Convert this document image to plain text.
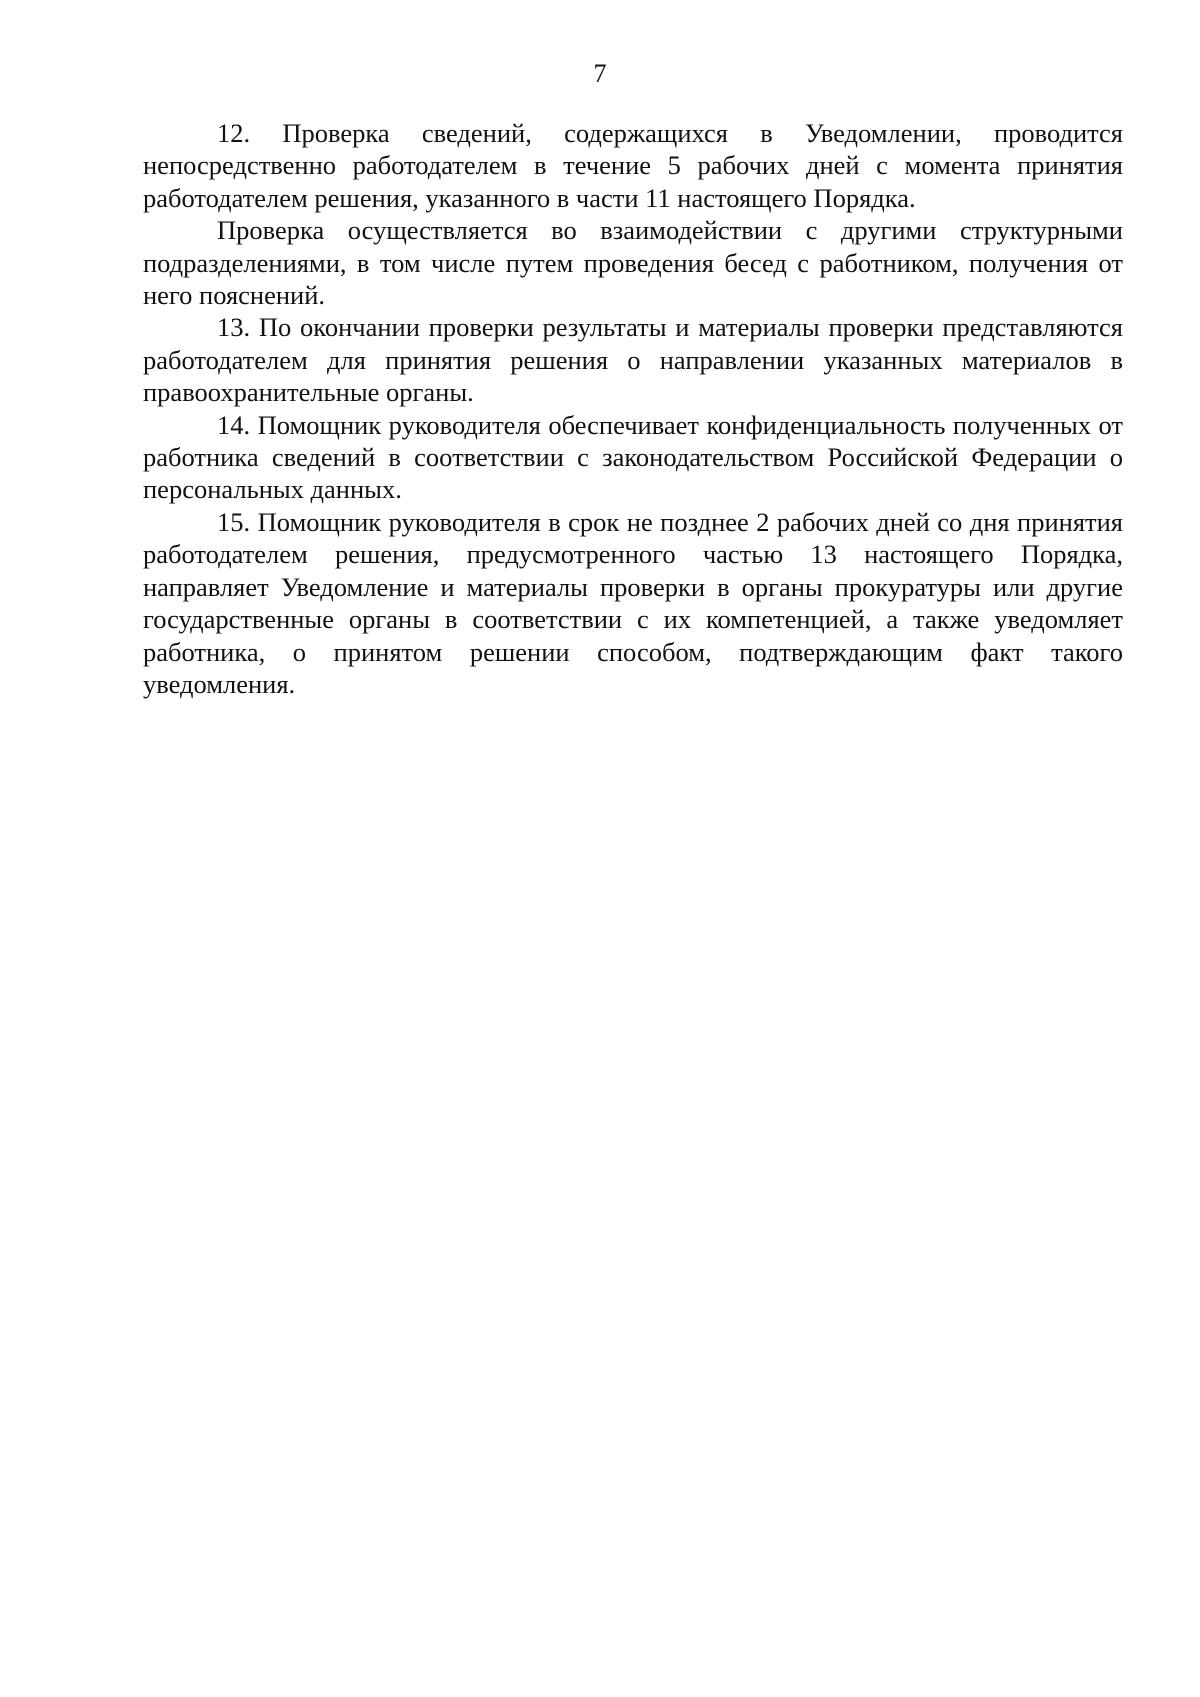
7

12. Проверка сведений, содержащихся в Уведомлении, проводится непосредственно работодателем в течение 5 рабочих дней с момента принятия работодателем решения, указанного в части 11 настоящего Порядка.

Проверка осуществляется во взаимодействии с другими структурными подразделениями, в том числе путем проведения бесед с работником, получения от него пояснений.

13. По окончании проверки результаты и материалы проверки представляются работодателем для принятия решения о направлении указанных материалов в правоохранительные органы.

14. Помощник руководителя обеспечивает конфиденциальность полученных от работника сведений в соответствии с законодательством Российской Федерации о персональных данных.

15. Помощник руководителя в срок не позднее 2 рабочих дней со дня принятия работодателем решения, предусмотренного частью 13 настоящего Порядка, направляет Уведомление и материалы проверки в органы прокуратуры или другие государственные органы в соответствии с их компетенцией, а также уведомляет работника, о принятом решении способом, подтверждающим факт такого уведомления.
